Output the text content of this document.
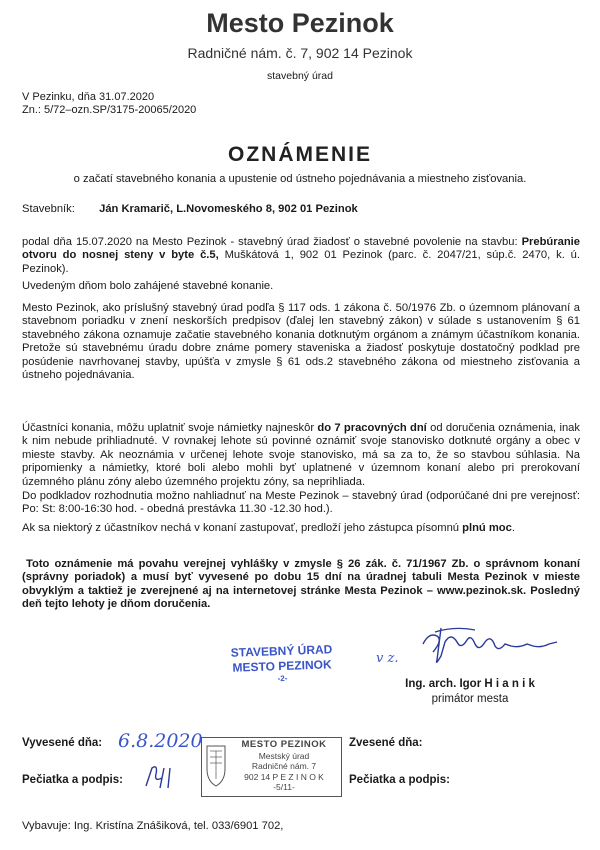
Mesto Pezinok
Radničné nám. č. 7, 902 14 Pezinok
stavebný úrad
V Pezinku, dňa 31.07.2020
Zn.: 5/72–ozn.SP/3175-20065/2020
OZNÁMENIE
o začatí stavebného konania a upustenie od ústneho pojednávania a miestneho zisťovania.
Stavebník: Ján Kramarič, L.Novomeského 8, 902 01 Pezinok
podal dňa 15.07.2020 na Mesto Pezinok - stavebný úrad žiadosť o stavebné povolenie na stavbu: Prebúranie otvoru do nosnej steny v byte č.5, Muškátová 1, 902 01 Pezinok (parc. č. 2047/21, súp.č. 2470, k. ú. Pezinok).
Uvedeným dňom bolo zahájené stavebné konanie.
Mesto Pezinok, ako príslušný stavebný úrad podľa § 117 ods. 1 zákona č. 50/1976 Zb. o územnom plánovaní a stavebnom poriadku v znení neskorších predpisov (ďalej len stavebný zákon) v súlade s ustanovením § 61 stavebného zákona oznamuje začatie stavebného konania dotknutým orgánom a známym účastníkom konania. Pretože sú stavebnému úradu dobre známe pomery staveniska a žiadosť poskytuje dostatočný podklad pre posúdenie navrhovanej stavby, upúšťa v zmysle § 61 ods.2 stavebného zákona od miestneho zisťovania a ústneho pojednávania.
Účastníci konania, môžu uplatniť svoje námietky najneskôr do 7 pracovných dní od doručenia oznámenia, inak k nim nebude prihliadnuté. V rovnakej lehote sú povinné oznámiť svoje stanovisko dotknuté orgány a obec v mieste stavby. Ak neoznámia v určenej lehote svoje stanovisko, má sa za to, že so stavbou súhlasia. Na pripomienky a námietky, ktoré boli alebo mohli byť uplatnené v územnom konaní alebo pri prerokovaní územného plánu zóny alebo územného projektu zóny, sa neprihliada.
Do podkladov rozhodnutia možno nahliadnuť na Meste Pezinok – stavebný úrad (odporúčané dni pre verejnosť: Po: St: 8:00-16:30 hod. - obedná prestávka 11.30 -12.30 hod.).
Ak sa niektorý z účastníkov nechá v konaní zastupovať, predloží jeho zástupca písomnú plnú moc.
Toto oznámenie má povahu verejnej vyhlášky v zmysle § 26 zák. č. 71/1967 Zb. o správnom konaní (správny poriadok) a musí byť vyvesené po dobu 15 dní na úradnej tabuli Mesta Pezinok v mieste obvyklým a taktiež je zverejnené aj na internetovej stránke Mesta Pezinok – www.pezinok.sk. Posledný deň tejto lehoty je dňom doručenia.
STAVEBNÝ ÚRAD
MESTO PEZINOK
-2-
v z.
Ing. arch. Igor H i a n i k
primátor mesta
Vyvesené dňa: 6.8.2020	Zvesené dňa:
Pečiatka a podpis:	Pečiatka a podpis:
MESTO PEZINOK
Mestský úrad
Radničné nám. 7
902 14 P E Z I N O K
-5/11-
Vybavuje: Ing. Kristína Znášiková, tel. 033/6901 702,
